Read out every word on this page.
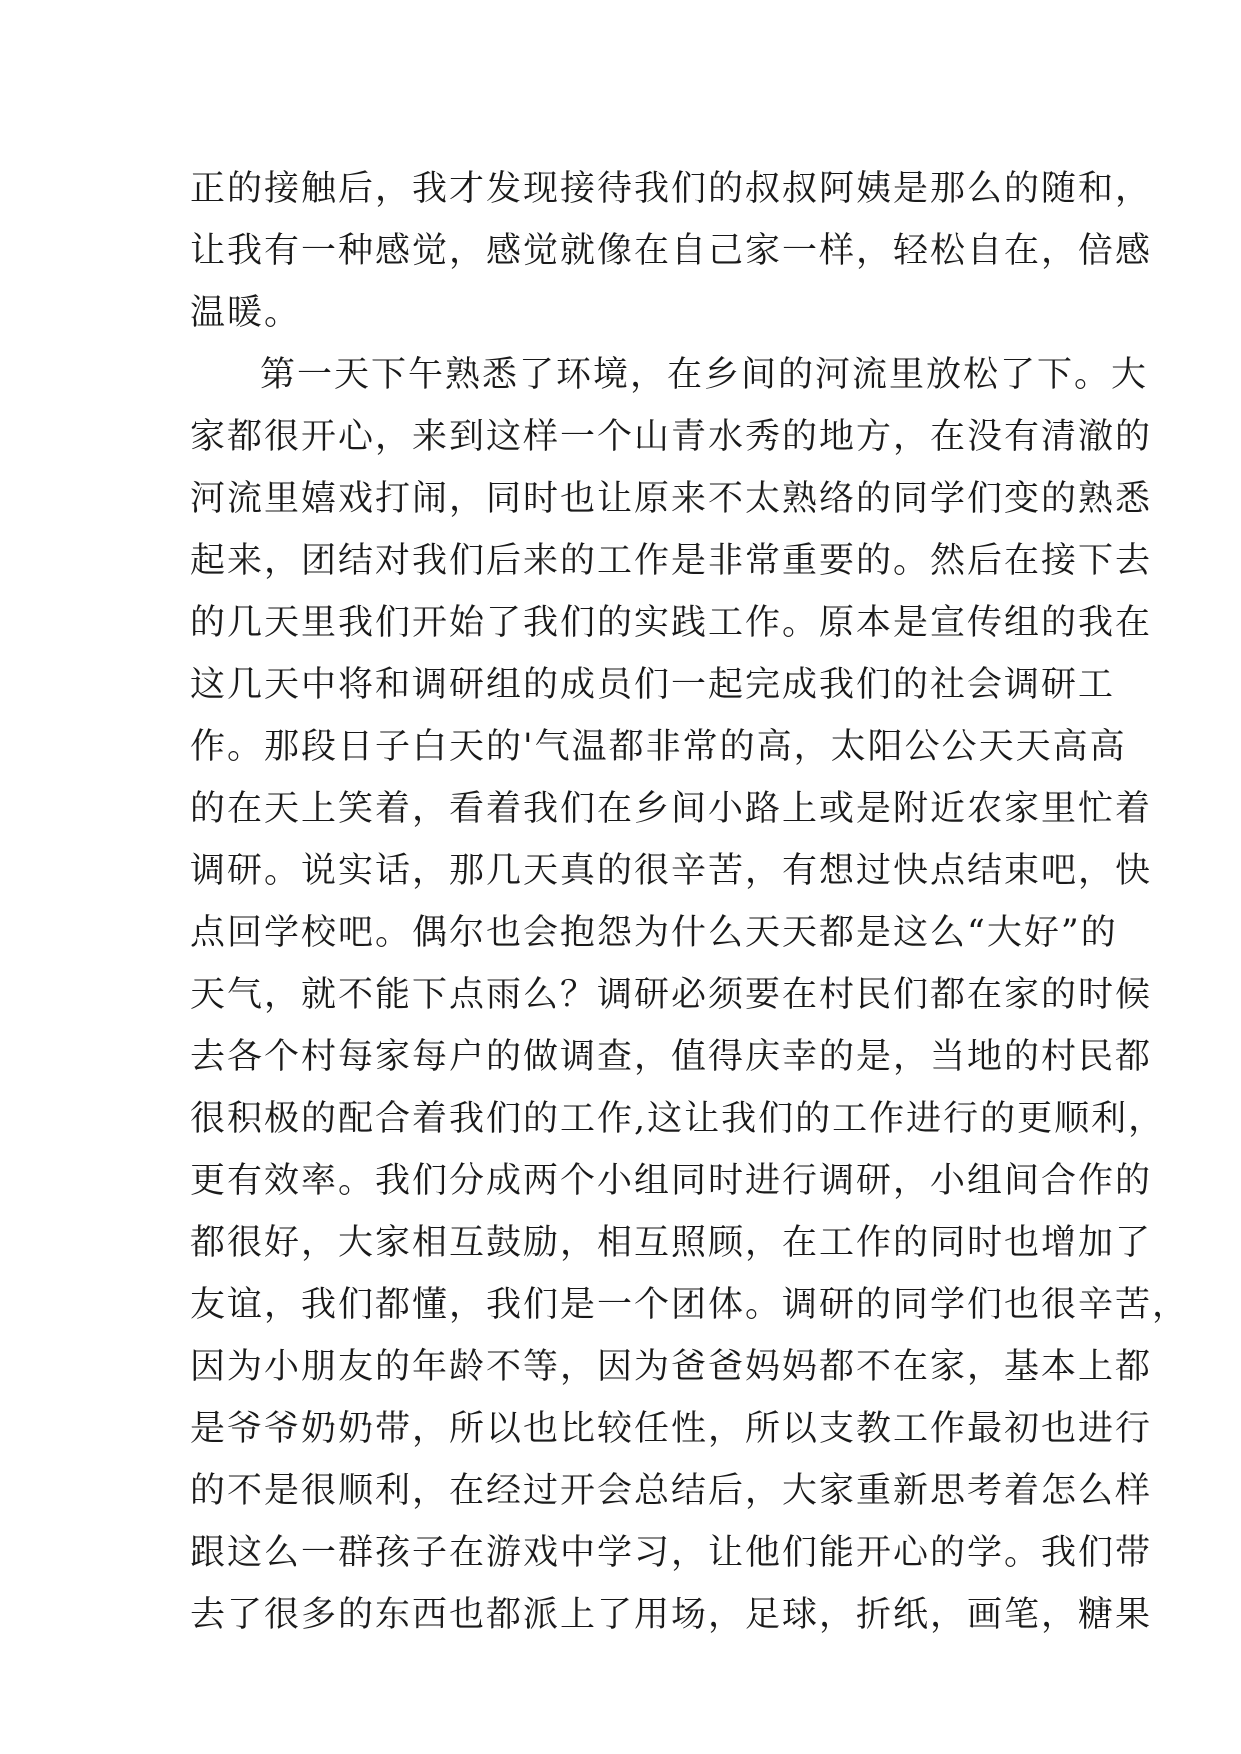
正的接触后，我才发现接待我们的叔叔阿姨是那么的随和，
让我有一种感觉，感觉就像在自己家一样，轻松自在，倍感
温暖。
第一天下午熟悉了环境，在乡间的河流里放松了下。大
家都很开心，来到这样一个山青水秀的地方，在没有清澈的
河流里嬉戏打闹，同时也让原来不太熟络的同学们变的熟悉
起来，团结对我们后来的工作是非常重要的。然后在接下去
的几天里我们开始了我们的实践工作。原本是宣传组的我在
这几天中将和调研组的成员们一起完成我们的社会调研工
作。那段日子白天的'气温都非常的高，太阳公公天天高高
的在天上笑着，看着我们在乡间小路上或是附近农家里忙着
调研。说实话，那几天真的很辛苦，有想过快点结束吧，快
点回学校吧。偶尔也会抱怨为什么天天都是这么“大好”的
天气，就不能下点雨么？调研必须要在村民们都在家的时候
去各个村每家每户的做调查，值得庆幸的是，当地的村民都
很积极的配合着我们的工作,这让我们的工作进行的更顺利，
更有效率。我们分成两个小组同时进行调研，小组间合作的
都很好，大家相互鼓励，相互照顾，在工作的同时也增加了
友谊，我们都懂，我们是一个团体。调研的同学们也很辛苦，
因为小朋友的年龄不等，因为爸爸妈妈都不在家，基本上都
是爷爷奶奶带，所以也比较任性，所以支教工作最初也进行
的不是很顺利，在经过开会总结后，大家重新思考着怎么样
跟这么一群孩子在游戏中学习，让他们能开心的学。我们带
去了很多的东西也都派上了用场，足球，折纸，画笔，糖果
